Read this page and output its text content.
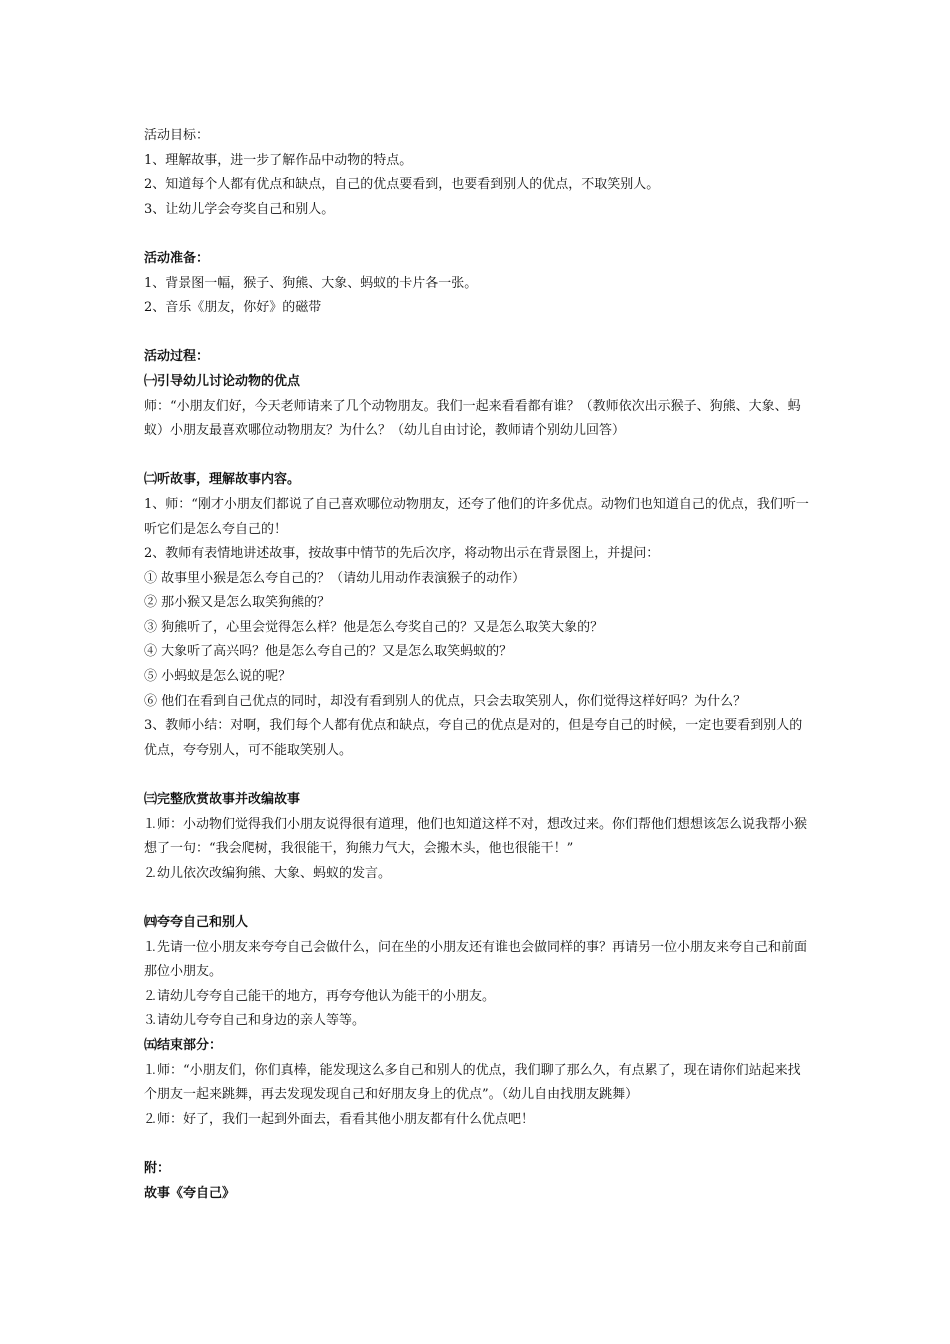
活动目标：
1、理解故事，进一步了解作品中动物的特点。
2、知道每个人都有优点和缺点，自己的优点要看到，也要看到别人的优点，不取笑别人。
3、让幼儿学会夸奖自己和别人。
活动准备：
1、背景图一幅，猴子、狗熊、大象、蚂蚁的卡片各一张。
2、音乐《朋友，你好》的磁带
活动过程：
㈠引导幼儿讨论动物的优点
师：“小朋友们好，今天老师请来了几个动物朋友。我们一起来看看都有谁？（教师依次出示猴子、狗熊、大象、蚂蚁）小朋友最喜欢哪位动物朋友？为什么？（幼儿自由讨论，教师请个别幼儿回答）
㈡听故事，理解故事内容。
1、师：“刚才小朋友们都说了自己喜欢哪位动物朋友，还夸了他们的许多优点。动物们也知道自己的优点，我们听一听它们是怎么夸自己的！
2、教师有表情地讲述故事，按故事中情节的先后次序，将动物出示在背景图上，并提问：
① 故事里小猴是怎么夸自己的？（请幼儿用动作表演猴子的动作）
② 那小猴又是怎么取笑狗熊的？
③ 狗熊听了，心里会觉得怎么样？他是怎么夸奖自己的？又是怎么取笑大象的？
④ 大象听了高兴吗？他是怎么夸自己的？又是怎么取笑蚂蚁的？
⑤ 小蚂蚁是怎么说的呢？
⑥ 他们在看到自己优点的同时，却没有看到别人的优点，只会去取笑别人，你们觉得这样好吗？为什么？
3、教师小结：对啊，我们每个人都有优点和缺点，夸自己的优点是对的，但是夸自己的时候，一定也要看到别人的优点，夸夸别人，可不能取笑别人。
㈢完整欣赏故事并改编故事
⒈师：小动物们觉得我们小朋友说得很有道理，他们也知道这样不对，想改过来。你们帮他们想想该怎么说我帮小猴想了一句：“我会爬树，我很能干，狗熊力气大，会搬木头，他也很能干！”
⒉幼儿依次改编狗熊、大象、蚂蚁的发言。
㈣夸夸自己和别人
⒈先请一位小朋友来夸夸自己会做什么，问在坐的小朋友还有谁也会做同样的事？再请另一位小朋友来夸自己和前面那位小朋友。
⒉请幼儿夸夸自己能干的地方，再夸夸他认为能干的小朋友。
⒊请幼儿夸夸自己和身边的亲人等等。
㈤结束部分：
⒈师：“小朋友们，你们真棒，能发现这么多自己和别人的优点，我们聊了那么久，有点累了，现在请你们站起来找个朋友一起来跳舞，再去发现发现自己和好朋友身上的优点”。（幼儿自由找朋友跳舞）
⒉师：好了，我们一起到外面去，看看其他小朋友都有什么优点吧！
附：
故事《夸自己》
